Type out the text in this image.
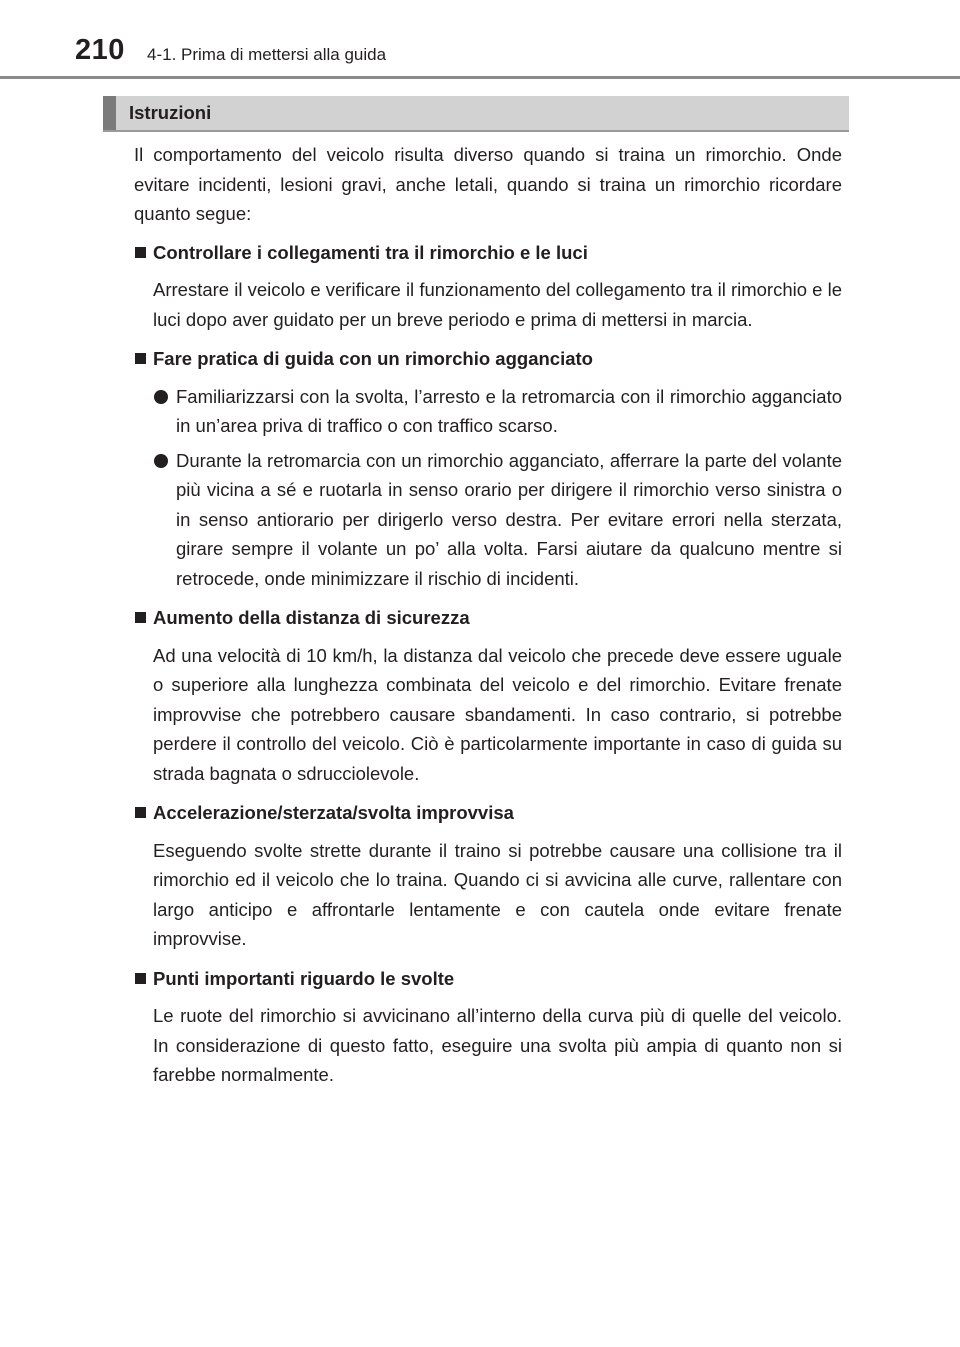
210 4-1. Prima di mettersi alla guida
Istruzioni

Il comportamento del veicolo risulta diverso quando si traina un rimorchio. Onde evitare incidenti, lesioni gravi, anche letali, quando si traina un rimorchio ricordare quanto segue:

Controllare i collegamenti tra il rimorchio e le luci

Arrestare il veicolo e verificare il funzionamento del collegamento tra il rimorchio e le luci dopo aver guidato per un breve periodo e prima di mettersi in marcia.

Fare pratica di guida con un rimorchio agganciato

Familiarizzarsi con la svolta, l’arresto e la retromarcia con il rimorchio agganciato in un’area priva di traffico o con traffico scarso.

Durante la retromarcia con un rimorchio agganciato, afferrare la parte del volante più vicina a sé e ruotarla in senso orario per dirigere il rimorchio verso sinistra o in senso antiorario per dirigerlo verso destra. Per evitare errori nella sterzata, girare sempre il volante un po’ alla volta. Farsi aiutare da qualcuno mentre si retrocede, onde minimizzare il rischio di incidenti.

Aumento della distanza di sicurezza

Ad una velocità di 10 km/h, la distanza dal veicolo che precede deve essere uguale o superiore alla lunghezza combinata del veicolo e del rimorchio. Evitare frenate improvvise che potrebbero causare sbandamenti. In caso contrario, si potrebbe perdere il controllo del veicolo. Ciò è particolarmente importante in caso di guida su strada bagnata o sdrucciolevole.

Accelerazione/sterzata/svolta improvvisa

Eseguendo svolte strette durante il traino si potrebbe causare una collisione tra il rimorchio ed il veicolo che lo traina. Quando ci si avvicina alle curve, rallentare con largo anticipo e affrontarle lentamente e con cautela onde evitare frenate improvvise.

Punti importanti riguardo le svolte

Le ruote del rimorchio si avvicinano all’interno della curva più di quelle del veicolo. In considerazione di questo fatto, eseguire una svolta più ampia di quanto non si farebbe normalmente.
